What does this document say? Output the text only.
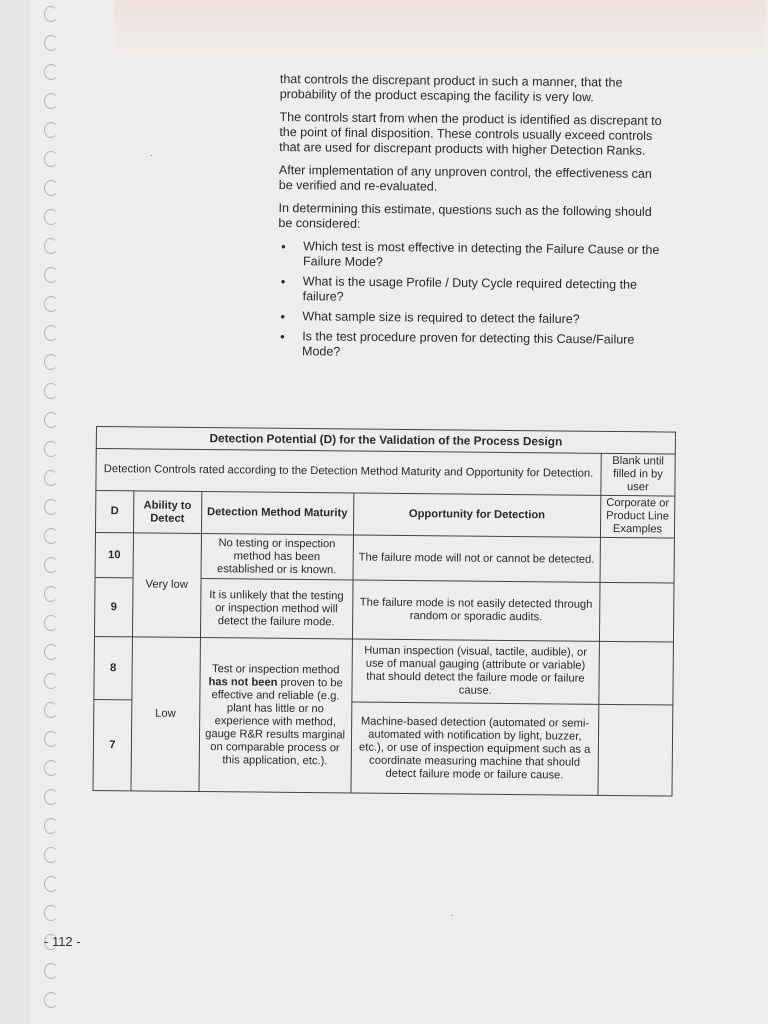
that controls the discrepant product in such a manner, that the probability of the product escaping the facility is very low.

The controls start from when the product is identified as discrepant to the point of final disposition. These controls usually exceed controls that are used for discrepant products with higher Detection Ranks.

After implementation of any unproven control, the effectiveness can be verified and re-evaluated.

In determining this estimate, questions such as the following should be considered:

• Which test is most effective in detecting the Failure Cause or the Failure Mode?
• What is the usage Profile / Duty Cycle required detecting the failure?
• What sample size is required to detect the failure?
• Is the test procedure proven for detecting this Cause/Failure Mode?
Detection Potential (D) for the Validation of the Process Design				
Detection Controls rated according to the Detection Method Maturity and Opportunity for Detection.				Blank until filled in by user
D	Ability to Detect	Detection Method Maturity	Opportunity for Detection	Corporate or Product Line Examples
10	Very low	No testing or inspection method has been established or is known.	The failure mode will not or cannot be detected.	
9		It is unlikely that the testing or inspection method will detect the failure mode.	The failure mode is not easily detected through random or sporadic audits.	
8	Low	Test or inspection method has not been proven to be effective and reliable (e.g. plant has little or no experience with method, gauge R&R results marginal on comparable process or this application, etc.).	Human inspection (visual, tactile, audible), or use of manual gauging (attribute or variable) that should detect the failure mode or failure cause.	
7			Machine-based detection (automated or semi-automated with notification by light, buzzer, etc.), or use of inspection equipment such as a coordinate measuring machine that should detect failure mode or failure cause.	
- 112 -
·
·
